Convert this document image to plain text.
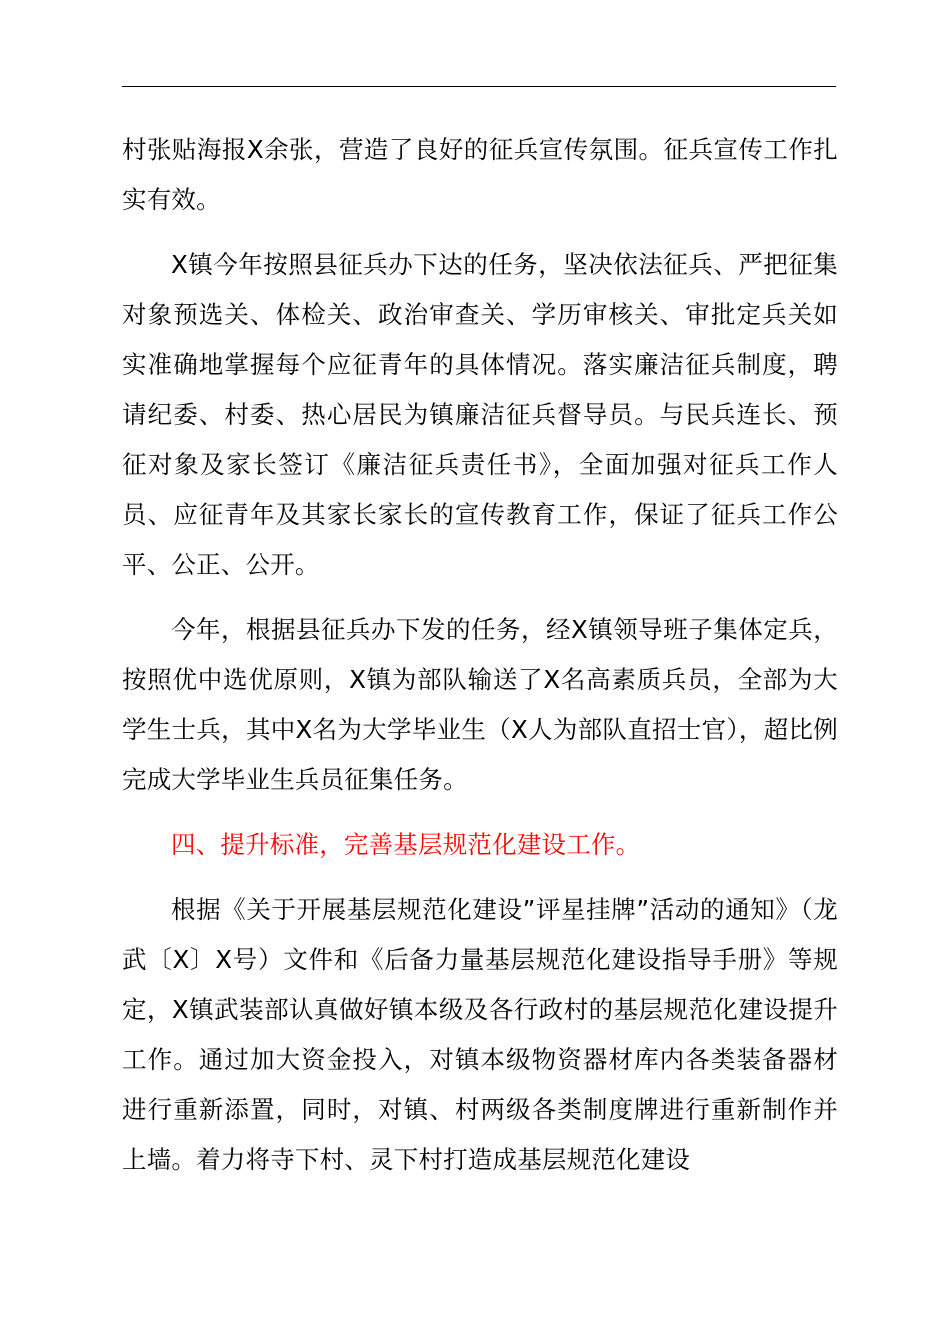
村张贴海报X余张，营造了良好的征兵宣传氛围。征兵宣传工作扎实有效。

X镇今年按照县征兵办下达的任务，坚决依法征兵、严把征集对象预选关、体检关、政治审查关、学历审核关、审批定兵关如实准确地掌握每个应征青年的具体情况。落实廉洁征兵制度，聘请纪委、村委、热心居民为镇廉洁征兵督导员。与民兵连长、预征对象及家长签订《廉洁征兵责任书》，全面加强对征兵工作人员、应征青年及其家长家长的宣传教育工作，保证了征兵工作公平、公正、公开。

今年，根据县征兵办下发的任务，经X镇领导班子集体定兵，按照优中选优原则，X镇为部队输送了X名高素质兵员，全部为大学生士兵，其中X名为大学毕业生（X人为部队直招士官），超比例完成大学毕业生兵员征集任务。

四、提升标准，完善基层规范化建设工作。

根据《关于开展基层规范化建设”评星挂牌”活动的通知》（龙武〔X〕X号）文件和《后备力量基层规范化建设指导手册》等规定，X镇武装部认真做好镇本级及各行政村的基层规范化建设提升工作。通过加大资金投入，对镇本级物资器材库内各类装备器材进行重新添置，同时，对镇、村两级各类制度牌进行重新制作并上墙。着力将寺下村、灵下村打造成基层规范化建设
